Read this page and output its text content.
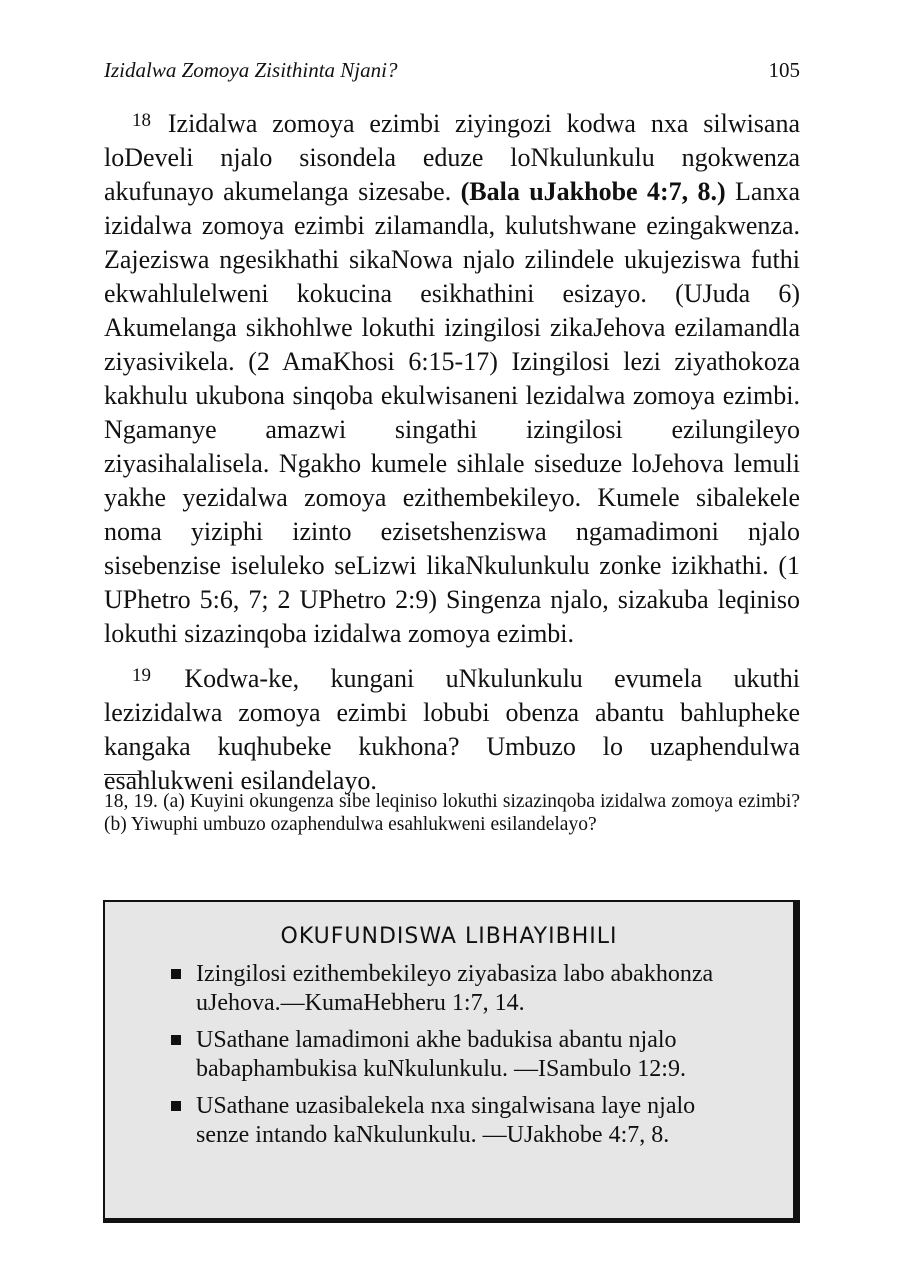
Izidalwa Zomoya Zisithinta Njani?	105

$^{18}$ Izidalwa zomoya ezimbi ziyingozi kodwa nxa silwisana loDeveli njalo sisondela eduze loNkulunkulu ngokwenza akufunayo akumelanga sizesabe. (Bala uJakhobe 4:7, 8.) Lanxa izidalwa zomoya ezimbi zilamandla, kulutshwane ezingakwenza. Zajeziswa ngesikhathi sikaNowa njalo zilindele ukujeziswa futhi ekwahlulelweni kokucina esikhathini esizayo. (UJuda 6) Akumelanga sikhohlwe lokuthi izingilosi zikaJehova ezilamandla ziyasivikela. (2 AmaKhosi 6:15-17) Izingilosi lezi ziyathokoza kakhulu ukubona sinqoba ekulwisaneni lezidalwa zomoya ezimbi. Ngamanye amazwi singathi izingilosi ezilungileyo ziyasihalalisela. Ngakho kumele sihlale siseduze loJehova lemuli yakhe yezidalwa zomoya ezithembekileyo. Kumele sibalekele noma yiziphi izinto ezisetshenziswa ngamadimoni njalo sisebenzise iseluleko seLizwi likaNkulunkulu zonke izikhathi. (1 UPhetro 5:6, 7; 2 UPhetro 2:9) Singenza njalo, sizakuba leqiniso lokuthi sizazinqoba izidalwa zomoya ezimbi.

$^{19}$ Kodwa-ke, kungani uNkulunkulu evumela ukuthi lezizidalwa zomoya ezimbi lobubi obenza abantu bahlupheke kangaka kuqhubeke kukhona? Umbuzo lo uzaphendulwa esahlukweni esilandelayo.

18, 19. (a) Kuyini okungenza sibe leqiniso lokuthi sizazinqoba izidalwa zomoya ezimbi? (b) Yiwuphi umbuzo ozaphendulwa esahlukweni esilandelayo?
OKUFUNDISWA LIBHAYIBHILI
Izingilosi ezithembekileyo ziyabasiza labo abakhonza uJehova.—KumaHebheru 1:7, 14.
USathane lamadimoni akhe badukisa abantu njalo babaphambukisa kuNkulunkulu. —ISambulo 12:9.
USathane uzasibalekela nxa singalwisana laye njalo senze intando kaNkulunkulu. —UJakhobe 4:7, 8.
